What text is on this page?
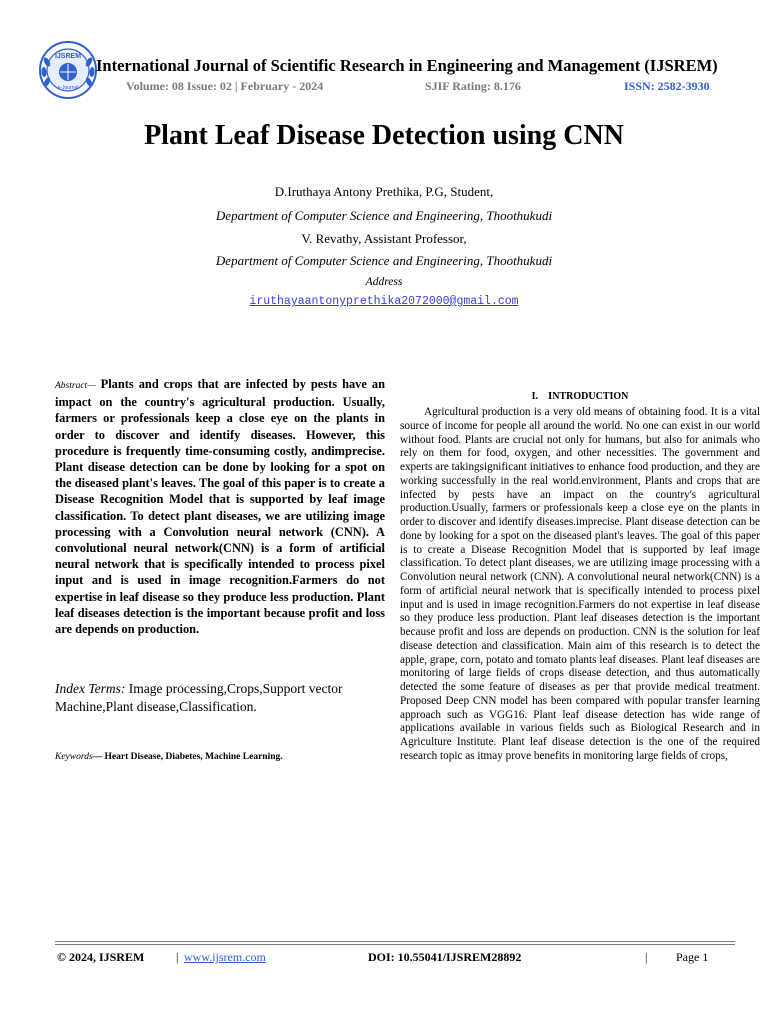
IJSREM
e-Journal
International Journal of Scientific Research in Engineering and Management (IJSREM)
Volume: 08 Issue: 02 | February - 2024	SJIF Rating: 8.176	ISSN: 2582-3930
Plant Leaf Disease Detection using CNN
D.Iruthaya Antony Prethika, P.G, Student,
Department of Computer Science and Engineering, Thoothukudi
V. Revathy, Assistant Professor,
Department of Computer Science and Engineering, Thoothukudi
Address
iruthayaantonyprethika2072000@gmail.com
Abstract— Plants and crops that are infected by pests have an impact on the country's agricultural production. Usually, farmers or professionals keep a close eye on the plants in order to discover and identify diseases. However, this procedure is frequently time-consuming costly, andimprecise. Plant disease detection can be done by looking for a spot on the diseased plant's leaves. The goal of this paper is to create a Disease Recognition Model that is supported by leaf image classification. To detect plant diseases, we are utilizing image processing with a Convolution neural network (CNN). A convolutional neural network(CNN) is a form of artificial neural network that is specifically intended to process pixel input and is used in image recognition.Farmers do not expertise in leaf disease so they produce less production. Plant leaf diseases detection is the important because profit and loss are depends on production.
Index Terms: Image processing,Crops,Support vector Machine,Plant disease,Classification.
Keywords— Heart Disease, Diabetes, Machine Learning.
I. INTRODUCTION
Agricultural production is a very old means of obtaining food. It is a vital source of income for people all around the world. No one can exist in our world without food. Plants are crucial not only for humans, but also for animals who rely on them for food, oxygen, and other necessities. The government and experts are takingsignificant initiatives to enhance food production, and they are working successfully in the real world.environment, Plants and crops that are infected by pests have an impact on the country's agricultural production.Usually, farmers or professionals keep a close eye on the plants in order to discover and identify diseases.imprecise. Plant disease detection can be done by looking for a spot on the diseased plant's leaves. The goal of this paper is to create a Disease Recognition Model that is supported by leaf image classification. To detect plant diseases, we are utilizing image processing with a Convolution neural network (CNN). A convolutional neural network(CNN) is a form of artificial neural network that is specifically intended to process pixel input and is used in image recognition.Farmers do not expertise in leaf disease so they produce less production. Plant leaf diseases detection is the important because profit and loss are depends on production. CNN is the solution for leaf disease detection and classification. Main aim of this research is to detect the apple, grape, corn, potato and tomato plants leaf diseases. Plant leaf diseases are monitoring of large fields of crops disease detection, and thus automatically detected the some feature of diseases as per that provide medical treatment. Proposed Deep CNN model has been compared with popular transfer learning approach such as VGG16. Plant leaf disease detection has wide range of applications available in various fields such as Biological Research and in Agriculture Institute. Plant leaf disease detection is the one of the required research topic as itmay prove benefits in monitoring large fields of crops,
© 2024, IJSREM	| www.ijsrem.com	DOI: 10.55041/IJSREM28892	| Page 1
